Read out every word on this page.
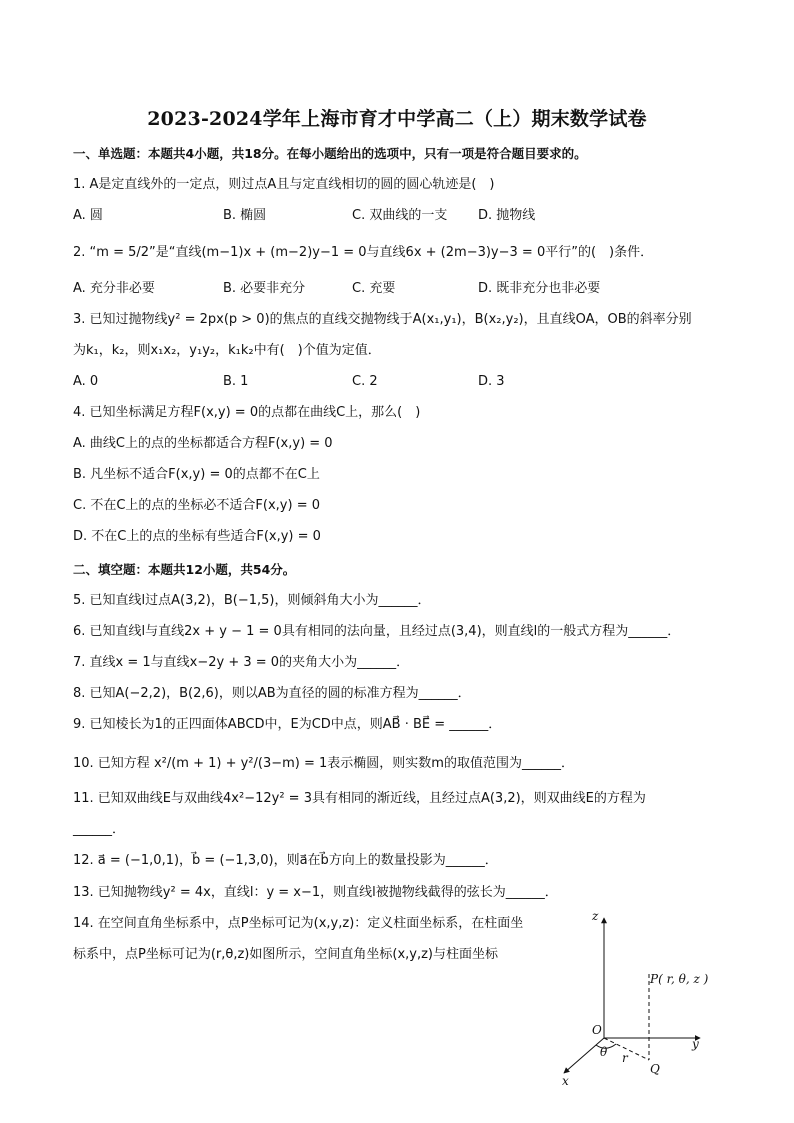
2023-2024学年上海市育才中学高二（上）期末数学试卷
一、单选题：本题共4小题，共18分。在每小题给出的选项中，只有一项是符合题目要求的。
1. A是定直线外的一定点，则过点A且与定直线相切的圆的圆心轨迹是(　)
A. 圆	B. 椭圆	C. 双曲线的一支 D. 抛物线
2. “m = 5/2”是“直线(m−1)x + (m−2)y−1 = 0与直线6x + (2m−3)y−3 = 0平行”的(　)条件．
A. 充分非必要	B. 必要非充分	C. 充要	D. 既非充分也非必要
3. 已知过抛物线y² = 2px(p > 0)的焦点的直线交抛物线于A(x₁,y₁)，B(x₂,y₂)，且直线OA，OB的斜率分别
为k₁，k₂，则x₁x₂，y₁y₂，k₁k₂中有(　)个值为定值．
A. 0	B. 1	C. 2	D. 3
4. 已知坐标满足方程F(x,y) = 0的点都在曲线C上，那么(　)
A. 曲线C上的点的坐标都适合方程F(x,y) = 0
B. 凡坐标不适合F(x,y) = 0的点都不在C上
C. 不在C上的点的坐标必不适合F(x,y) = 0
D. 不在C上的点的坐标有些适合F(x,y) = 0
二、填空题：本题共12小题，共54分。
5. 已知直线l过点A(3,2)，B(−1,5)，则倾斜角大小为______．
6. 已知直线l与直线2x + y − 1 = 0具有相同的法向量，且经过点(3,4)，则直线l的一般式方程为______．
7. 直线x = 1与直线x−2y + 3 = 0的夹角大小为______．
8. 已知A(−2,2)，B(2,6)，则以AB为直径的圆的标准方程为______．
9. 已知棱长为1的正四面体ABCD中，E为CD中点，则AB⃗ · BE⃗ = ______．
10. 已知方程 x²/(m + 1) + y²/(3−m) = 1表示椭圆，则实数m的取值范围为______．
11. 已知双曲线E与双曲线4x²−12y² = 3具有相同的渐近线，且经过点A(3,2)，则双曲线E的方程为
______．
12. a⃗ = (−1,0,1)，b⃗ = (−1,3,0)，则a⃗在b⃗方向上的数量投影为______．
13. 已知抛物线y² = 4x，直线l：y = x−1，则直线l被抛物线截得的弦长为______．
14. 在空间直角坐标系中，点P坐标可记为(x,y,z)：定义柱面坐标系，在柱面坐
标系中，点P坐标可记为(r,θ,z)如图所示，空间直角坐标(x,y,z)与柱面坐标
z
y
x
O
P( r, θ, z )
Q
r
θ
